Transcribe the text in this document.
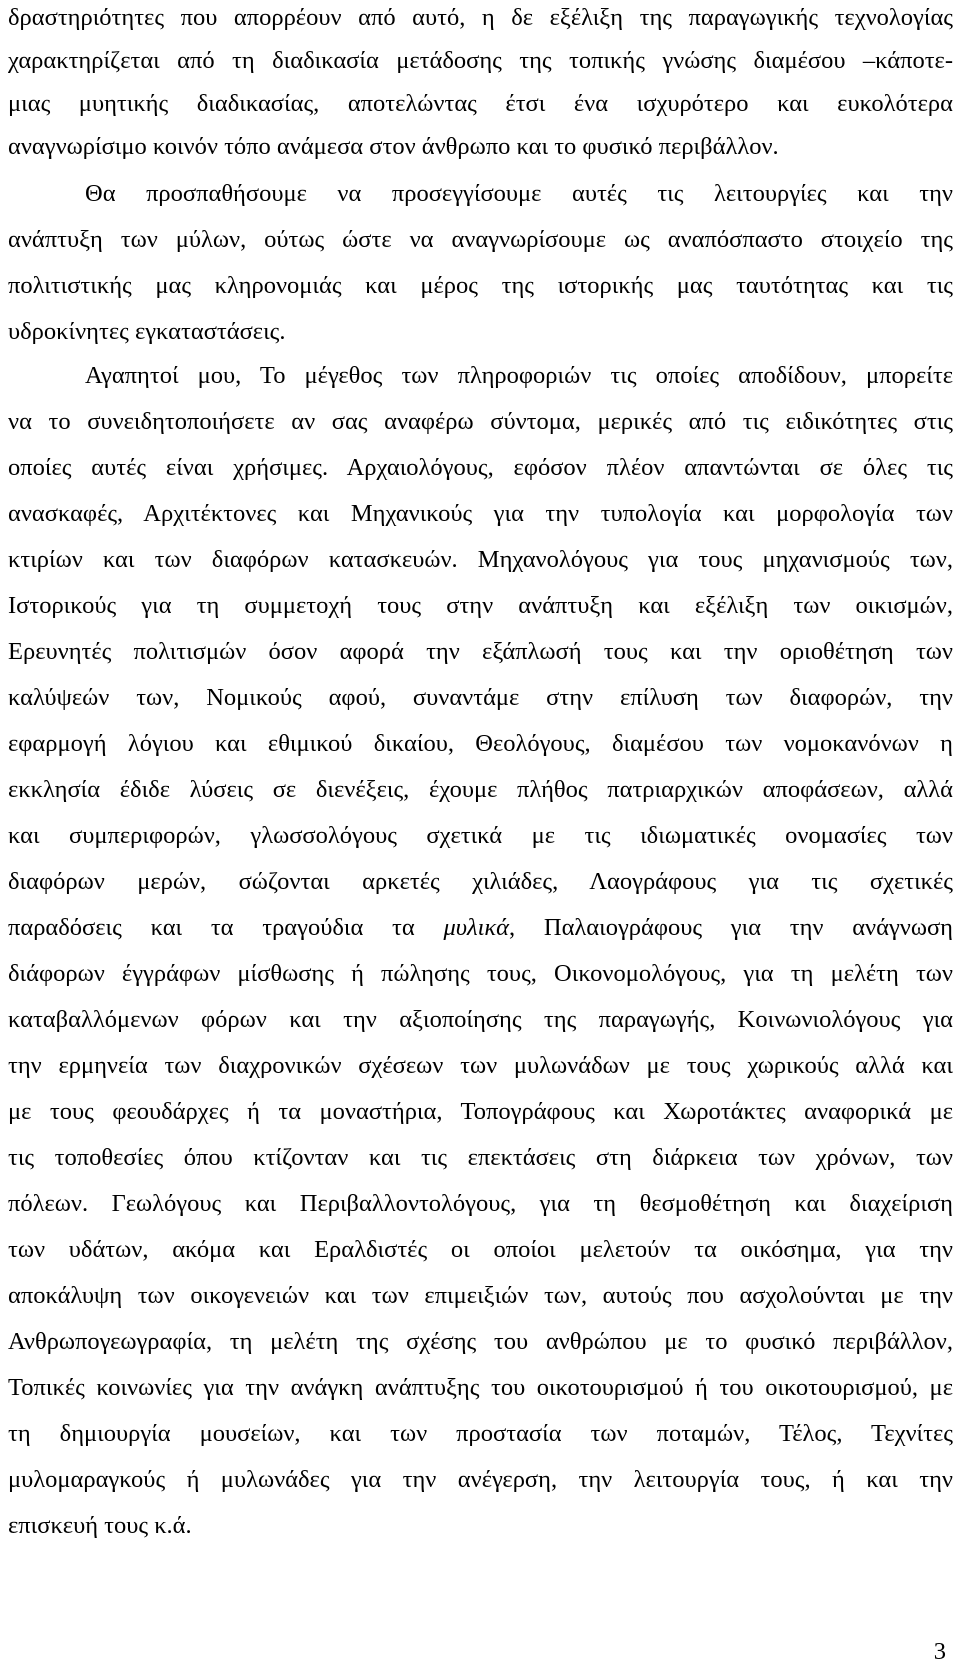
δραστηριότητες που απορρέουν από αυτό, η δε εξέλιξη της παραγωγικής τεχνολογίας
χαρακτηρίζεται από τη διαδικασία μετάδοσης της τοπικής γνώσης διαμέσου –κάποτε-
μιας μυητικής διαδικασίας, αποτελώντας έτσι ένα ισχυρότερο και ευκολότερα
αναγνωρίσιμο κοινόν τόπο ανάμεσα στον άνθρωπο και το φυσικό περιβάλλον.
Θα προσπαθήσουμε να προσεγγίσουμε αυτές τις λειτουργίες και την
ανάπτυξη των μύλων, ούτως ώστε να αναγνωρίσουμε ως αναπόσπαστο στοιχείο της
πολιτιστικής μας κληρονομιάς και μέρος της ιστορικής μας ταυτότητας και τις
υδροκίνητες εγκαταστάσεις.
Αγαπητοί μου, Το μέγεθος των πληροφοριών τις οποίες αποδίδουν, μπορείτε
να το συνειδητοποιήσετε αν σας αναφέρω σύντομα, μερικές από τις ειδικότητες στις
οποίες αυτές είναι χρήσιμες. Αρχαιολόγους, εφόσον πλέον απαντώνται σε όλες τις
ανασκαφές, Αρχιτέκτονες και Μηχανικούς για την τυπολογία και μορφολογία των
κτιρίων και των διαφόρων κατασκευών. Μηχανολόγους για τους μηχανισμούς των,
Ιστορικούς για τη συμμετοχή τους στην ανάπτυξη και εξέλιξη των οικισμών,
Ερευνητές πολιτισμών όσον αφορά την εξάπλωσή τους και την οριοθέτηση των
καλύψεών των, Νομικούς αφού, συναντάμε στην επίλυση των διαφορών, την
εφαρμογή λόγιου και εθιμικού δικαίου, Θεολόγους, διαμέσου των νομοκανόνων η
εκκλησία έδιδε λύσεις σε διενέξεις, έχουμε πλήθος πατριαρχικών αποφάσεων, αλλά
και συμπεριφορών, γλωσσολόγους σχετικά με τις ιδιωματικές ονομασίες των
διαφόρων μερών, σώζονται αρκετές χιλιάδες, Λαογράφους για τις σχετικές
παραδόσεις και τα τραγούδια τα μυλικά, Παλαιογράφους για την ανάγνωση
διάφορων έγγράφων μίσθωσης ή πώλησης τους, Οικονομολόγους, για τη μελέτη των
καταβαλλόμενων φόρων και την αξιοποίησης της παραγωγής, Κοινωνιολόγους για
την ερμηνεία των διαχρονικών σχέσεων των μυλωνάδων με τους χωρικούς αλλά και
με τους φεουδάρχες ή τα μοναστήρια, Τοπογράφους και Χωροτάκτες αναφορικά με
τις τοποθεσίες όπου κτίζονταν και τις επεκτάσεις στη διάρκεια των χρόνων, των
πόλεων. Γεωλόγους και Περιβαλλοντολόγους, για τη θεσμοθέτηση και διαχείριση
των υδάτων, ακόμα και Εραλδιστές οι οποίοι μελετούν τα οικόσημα, για την
αποκάλυψη των οικογενειών και των επιμειξιών των, αυτούς που ασχολούνται με την
Ανθρωπογεωγραφία, τη μελέτη της σχέσης του ανθρώπου με το φυσικό περιβάλλον,
Τοπικές κοινωνίες για την ανάγκη ανάπτυξης του οικοτουρισμού ή του οικοτουρισμού, με
τη δημιουργία μουσείων, και των προστασία των ποταμών, Τέλος, Τεχνίτες
μυλομαραγκούς ή μυλωνάδες για την ανέγερση, την λειτουργία τους, ή και την
επισκευή τους κ.ά.
3
